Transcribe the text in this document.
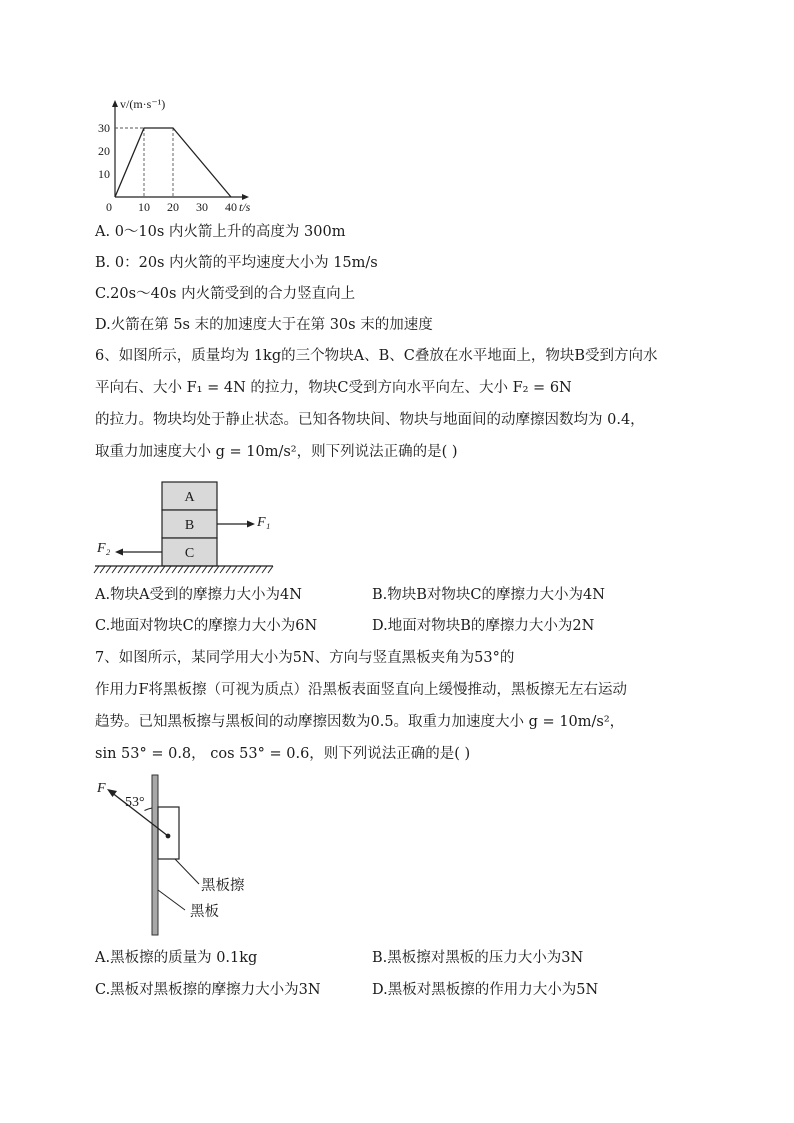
0
10
20
30
10 20 30 40
v/(m·s⁻¹)
t/s
A. 0～10s 内火箭上升的高度为 300m
B. 0：20s 内火箭的平均速度大小为 15m/s
C.20s～40s 内火箭受到的合力竖直向上
D.火箭在第 5s 末的加速度大于在第 30s 末的加速度
6、如图所示，质量均为 1kg的三个物块A、B、C叠放在水平地面上，物块B受到方向水
平向右、大小 F₁ = 4N 的拉力，物块C受到方向水平向左、大小 F₂ = 6N
的拉力。物块均处于静止状态。已知各物块间、物块与地面间的动摩擦因数均为 0.4，
取重力加速度大小 g = 10m/s²，则下列说法正确的是( )
A
B
C
F₁
F₂
A.物块A受到的摩擦力大小为4N	B.物块B对物块C的摩擦力大小为4N
C.地面对物块C的摩擦力大小为6N	D.地面对物块B的摩擦力大小为2N
7、如图所示，某同学用大小为5N、方向与竖直黑板夹角为53°的
作用力F将黑板擦（可视为质点）沿黑板表面竖直向上缓慢推动，黑板擦无左右运动
趋势。已知黑板擦与黑板间的动摩擦因数为0.5。取重力加速度大小 g = 10m/s²，
sin 53° = 0.8， cos 53° = 0.6，则下列说法正确的是( )
F
53°
黑板擦
黑板
A.黑板擦的质量为 0.1kg	B.黑板擦对黑板的压力大小为3N
C.黑板对黑板擦的摩擦力大小为3N	D.黑板对黑板擦的作用力大小为5N
